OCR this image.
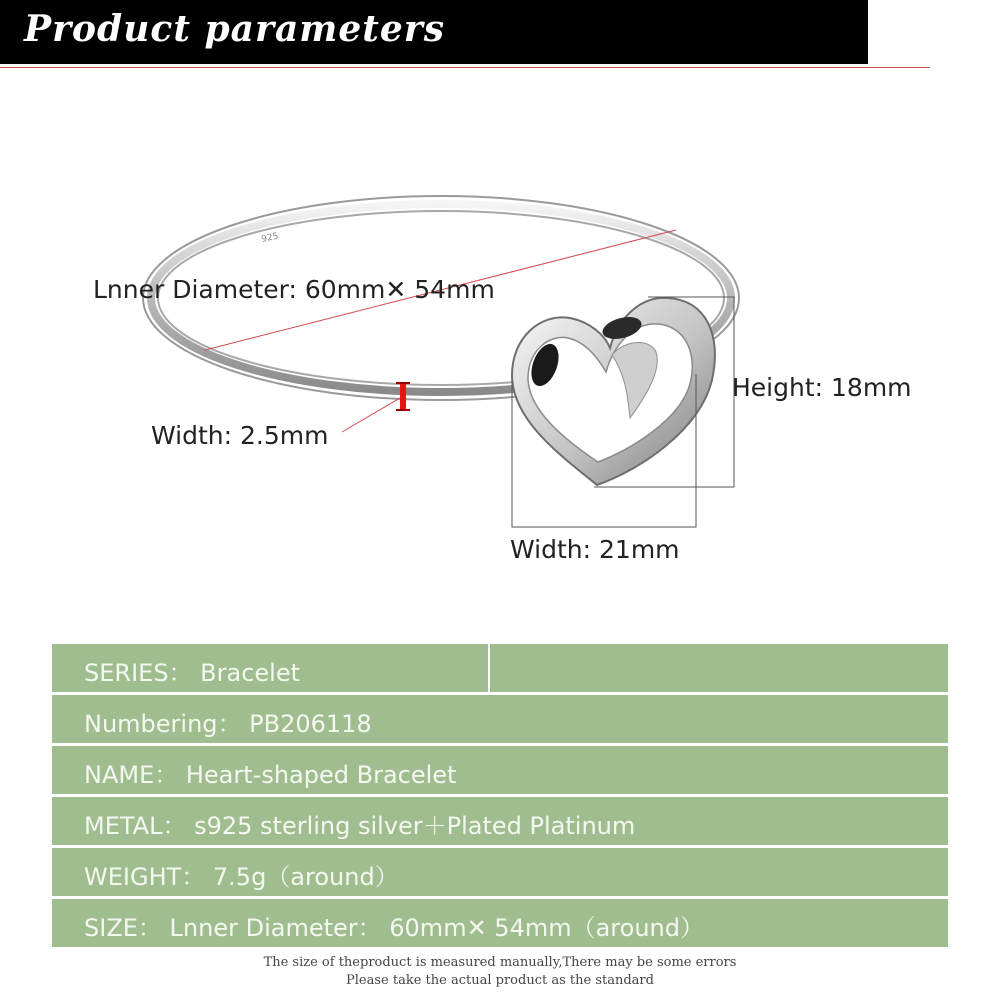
Product parameters
925
Lnner Diameter: 60mm✕ 54mm
Width: 2.5mm
Height: 18mm
Width: 21mm
SERIES： Bracelet
Numbering： PB206118
NAME： Heart-shaped Bracelet
METAL： s925 sterling silver＋Plated Platinum
WEIGHT： 7.5g（around）
SIZE： Lnner Diameter： 60mm✕ 54mm（around）
The size of theproduct is measured manually,There may be some errors
Please take the actual product as the standard
